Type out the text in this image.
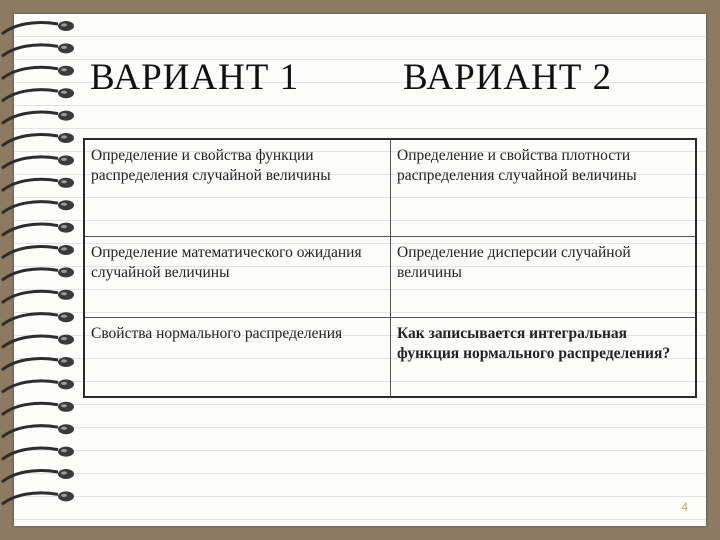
ВАРИАНТ 1	ВАРИАНТ 2
Определение и свойства функции распределения случайной величины	Определение и свойства плотности распределения случайной величины
Определение математического ожидания случайной величины	Определение дисперсии случайной величины
Свойства нормального распределения	Как записывается интегральная функция нормального распределения?
4
